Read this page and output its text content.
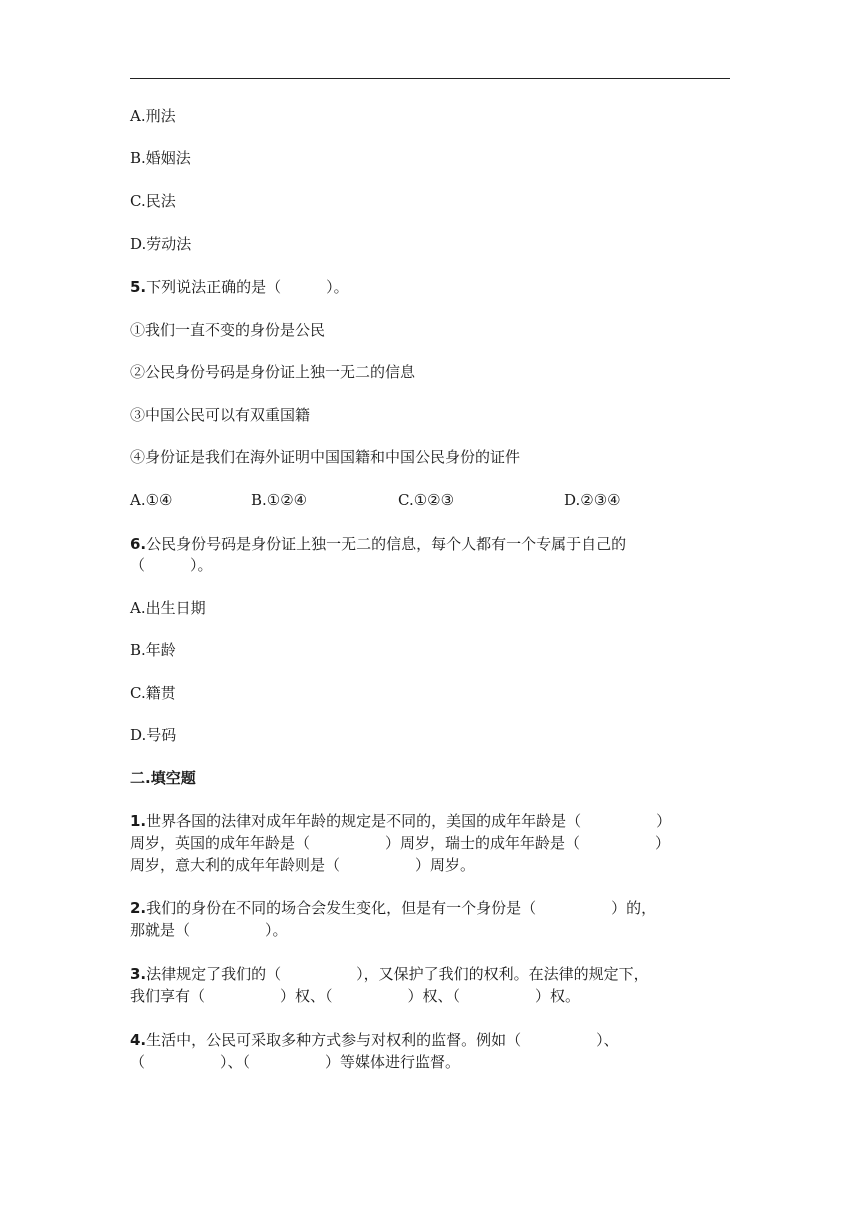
A.刑法
B.婚姻法
C.民法
D.劳动法
5.下列说法正确的是（　　　）。
①我们一直不变的身份是公民
②公民身份号码是身份证上独一无二的信息
③中国公民可以有双重国籍
④身份证是我们在海外证明中国国籍和中国公民身份的证件
A.①④	B.①②④	C.①②③	D.②③④
6.公民身份号码是身份证上独一无二的信息，每个人都有一个专属于自己的
（　　　）。
A.出生日期
B.年龄
C.籍贯
D.号码
二.填空题
1.世界各国的法律对成年年龄的规定是不同的，美国的成年年龄是（　　　　　）
周岁，英国的成年年龄是（　　　　　）周岁，瑞士的成年年龄是（　　　　　）
周岁，意大利的成年年龄则是（　　　　　）周岁。
2.我们的身份在不同的场合会发生变化，但是有一个身份是（　　　　　）的，
那就是（　　　　　）。
3.法律规定了我们的（　　　　　），又保护了我们的权利。在法律的规定下，
我们享有（　　　　　）权、（　　　　　）权、（　　　　　）权。
4.生活中，公民可采取多种方式参与对权利的监督。例如（　　　　　）、
（　　　　　）、（　　　　　）等媒体进行监督。
